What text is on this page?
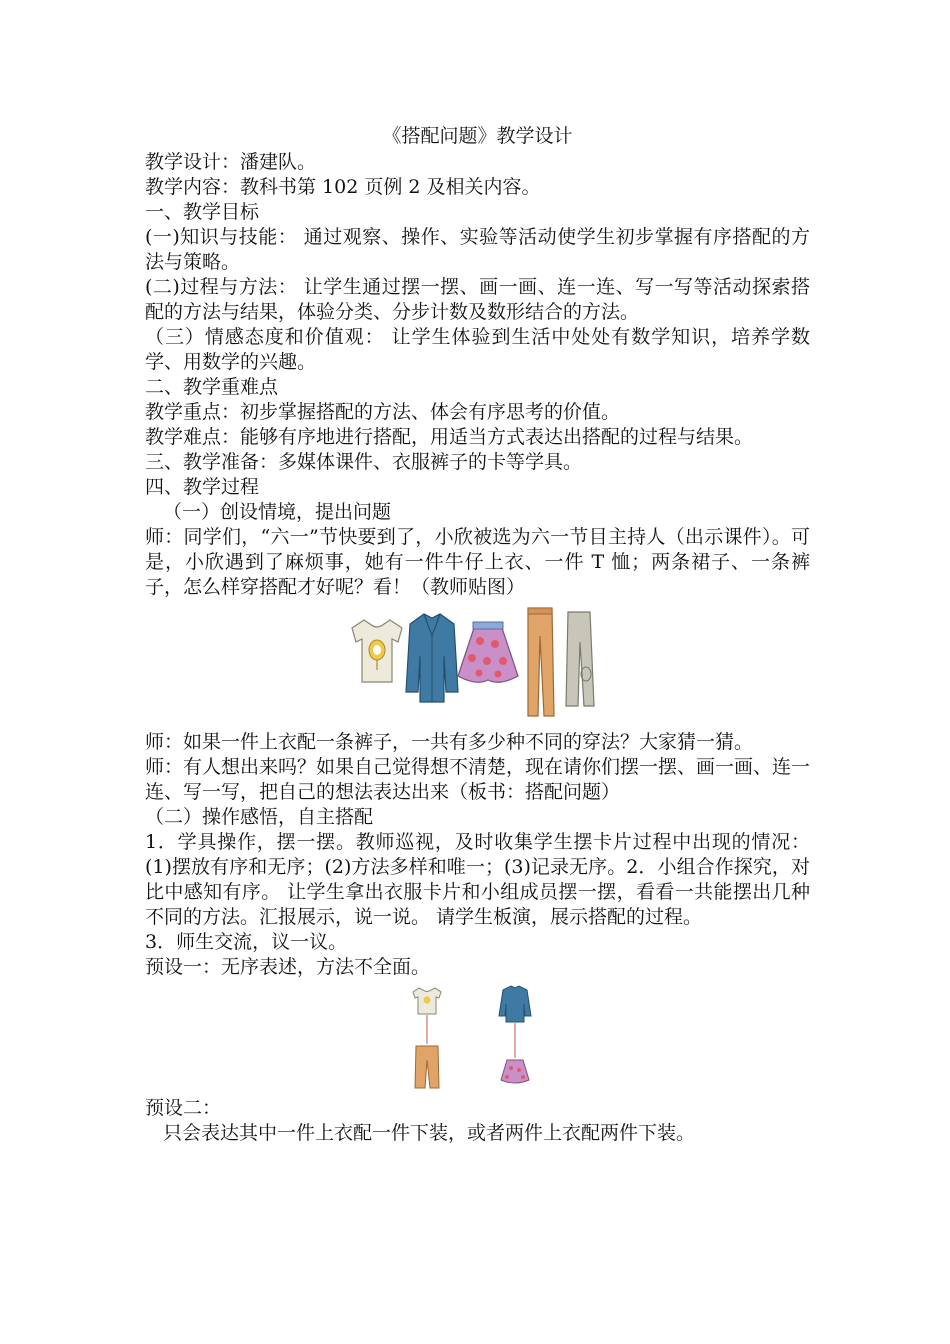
《搭配问题》教学设计

教学设计：潘建队。

教学内容：教科书第 102 页例 2 及相关内容。

一、教学目标

(一)知识与技能： 通过观察、操作、实验等活动使学生初步掌握有序搭配的方法与策略。

(二)过程与方法： 让学生通过摆一摆、画一画、连一连、写一写等活动探索搭配的方法与结果，体验分类、分步计数及数形结合的方法。

（三）情感态度和价值观： 让学生体验到生活中处处有数学知识，培养学数学、用数学的兴趣。

二、教学重难点

教学重点：初步掌握搭配的方法、体会有序思考的价值。

教学难点：能够有序地进行搭配，用适当方式表达出搭配的过程与结果。

三、教学准备：多媒体课件、衣服裤子的卡等学具。

四、教学过程

（一）创设情境，提出问题

师：同学们，“六一”节快要到了，小欣被选为六一节目主持人（出示课件）。可是，小欣遇到了麻烦事，她有一件牛仔上衣、一件 T 恤；两条裙子、一条裤子，怎么样穿搭配才好呢？看！（教师贴图）

师：如果一件上衣配一条裤子，一共有多少种不同的穿法？大家猜一猜。

师：有人想出来吗？如果自己觉得想不清楚，现在请你们摆一摆、画一画、连一连、写一写，把自己的想法表达出来（板书：搭配问题）

（二）操作感悟，自主搭配

1．学具操作，摆一摆。教师巡视，及时收集学生摆卡片过程中出现的情况：(1)摆放有序和无序；(2)方法多样和唯一；(3)记录无序。2．小组合作探究，对比中感知有序。 让学生拿出衣服卡片和小组成员摆一摆，看看一共能摆出几种不同的方法。汇报展示，说一说。 请学生板演，展示搭配的过程。

3．师生交流，议一议。

预设一：无序表述，方法不全面。

预设二：

只会表达其中一件上衣配一件下装，或者两件上衣配两件下装。
